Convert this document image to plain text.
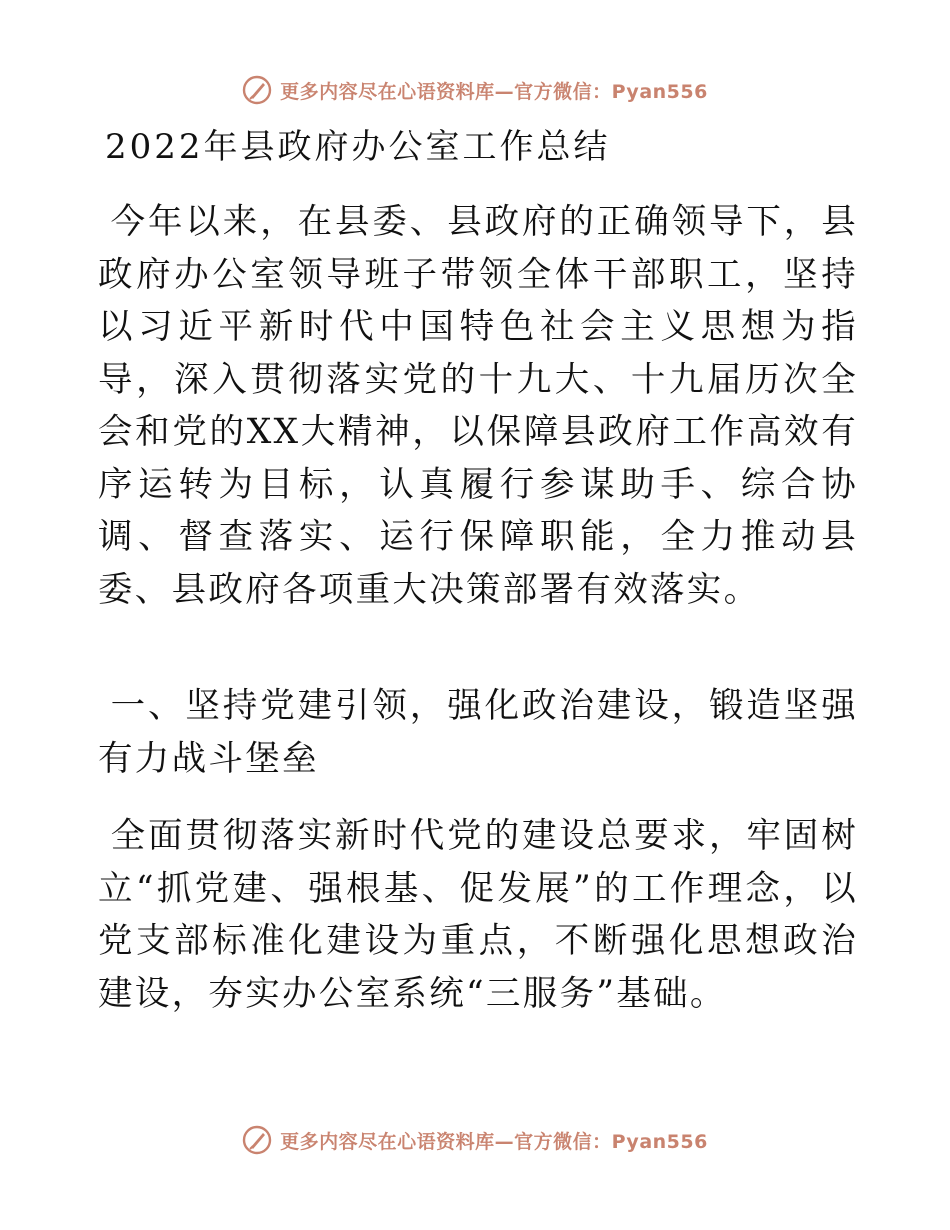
更多内容尽在心语资料库—官方微信：Pyan556
2022年县政府办公室工作总结

今年以来，在县委、县政府的正确领导下，县政府办公室领导班子带领全体干部职工，坚持以习近平新时代中国特色社会主义思想为指导，深入贯彻落实党的十九大、十九届历次全会和党的XX大精神，以保障县政府工作高效有序运转为目标，认真履行参谋助手、综合协调、督查落实、运行保障职能，全力推动县委、县政府各项重大决策部署有效落实。

一、坚持党建引领，强化政治建设，锻造坚强有力战斗堡垒

全面贯彻落实新时代党的建设总要求，牢固树立“抓党建、强根基、促发展”的工作理念，以党支部标准化建设为重点，不断强化思想政治建设，夯实办公室系统“三服务”基础。

更多内容尽在心语资料库—官方微信：Pyan556
